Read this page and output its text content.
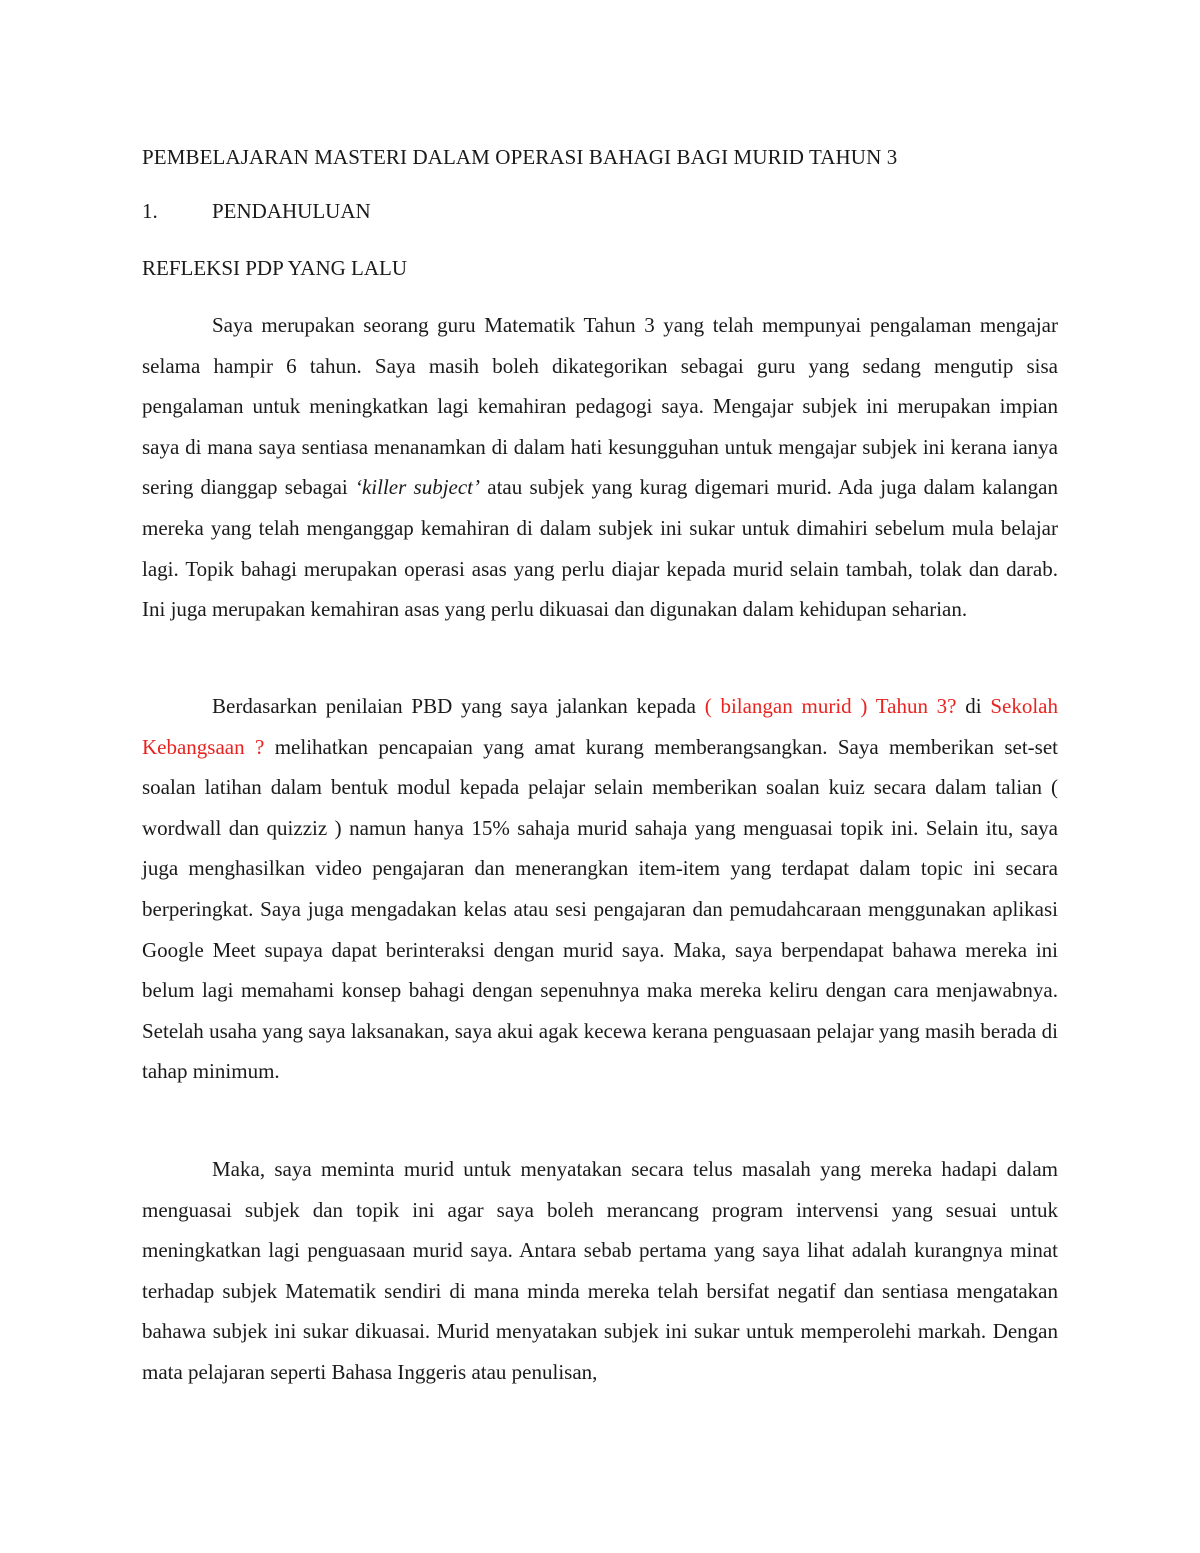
PEMBELAJARAN MASTERI DALAM OPERASI BAHAGI BAGI MURID TAHUN 3
1.	PENDAHULUAN
REFLEKSI PDP YANG LALU

Saya merupakan seorang guru Matematik Tahun 3 yang telah mempunyai pengalaman mengajar selama hampir 6 tahun. Saya masih boleh dikategorikan sebagai guru yang sedang mengutip sisa pengalaman untuk meningkatkan lagi kemahiran pedagogi saya. Mengajar subjek ini merupakan impian saya di mana saya sentiasa menanamkan di dalam hati kesungguhan untuk mengajar subjek ini kerana ianya sering dianggap sebagai ‘killer subject’ atau subjek yang kurag digemari murid. Ada juga dalam kalangan mereka yang telah menganggap kemahiran di dalam subjek ini sukar untuk dimahiri sebelum mula belajar lagi. Topik bahagi merupakan operasi asas yang perlu diajar kepada murid selain tambah, tolak dan darab. Ini juga merupakan kemahiran asas yang perlu dikuasai dan digunakan dalam kehidupan seharian.

Berdasarkan penilaian PBD yang saya jalankan kepada ( bilangan murid ) Tahun 3? di Sekolah Kebangsaan ? melihatkan pencapaian yang amat kurang memberangsangkan. Saya memberikan set-set soalan latihan dalam bentuk modul kepada pelajar selain memberikan soalan kuiz secara dalam talian ( wordwall dan quizziz ) namun hanya 15% sahaja murid sahaja yang menguasai topik ini. Selain itu, saya juga menghasilkan video pengajaran dan menerangkan item-item yang terdapat dalam topic ini secara berperingkat. Saya juga mengadakan kelas atau sesi pengajaran dan pemudahcaraan menggunakan aplikasi Google Meet supaya dapat berinteraksi dengan murid saya. Maka, saya berpendapat bahawa mereka ini belum lagi memahami konsep bahagi dengan sepenuhnya maka mereka keliru dengan cara menjawabnya. Setelah usaha yang saya laksanakan, saya akui agak kecewa kerana penguasaan pelajar yang masih berada di tahap minimum.

Maka, saya meminta murid untuk menyatakan secara telus masalah yang mereka hadapi dalam menguasai subjek dan topik ini agar saya boleh merancang program intervensi yang sesuai untuk meningkatkan lagi penguasaan murid saya. Antara sebab pertama yang saya lihat adalah kurangnya minat terhadap subjek Matematik sendiri di mana minda mereka telah bersifat negatif dan sentiasa mengatakan bahawa subjek ini sukar dikuasai. Murid menyatakan subjek ini sukar untuk memperolehi markah. Dengan mata pelajaran seperti Bahasa Inggeris atau penulisan,
